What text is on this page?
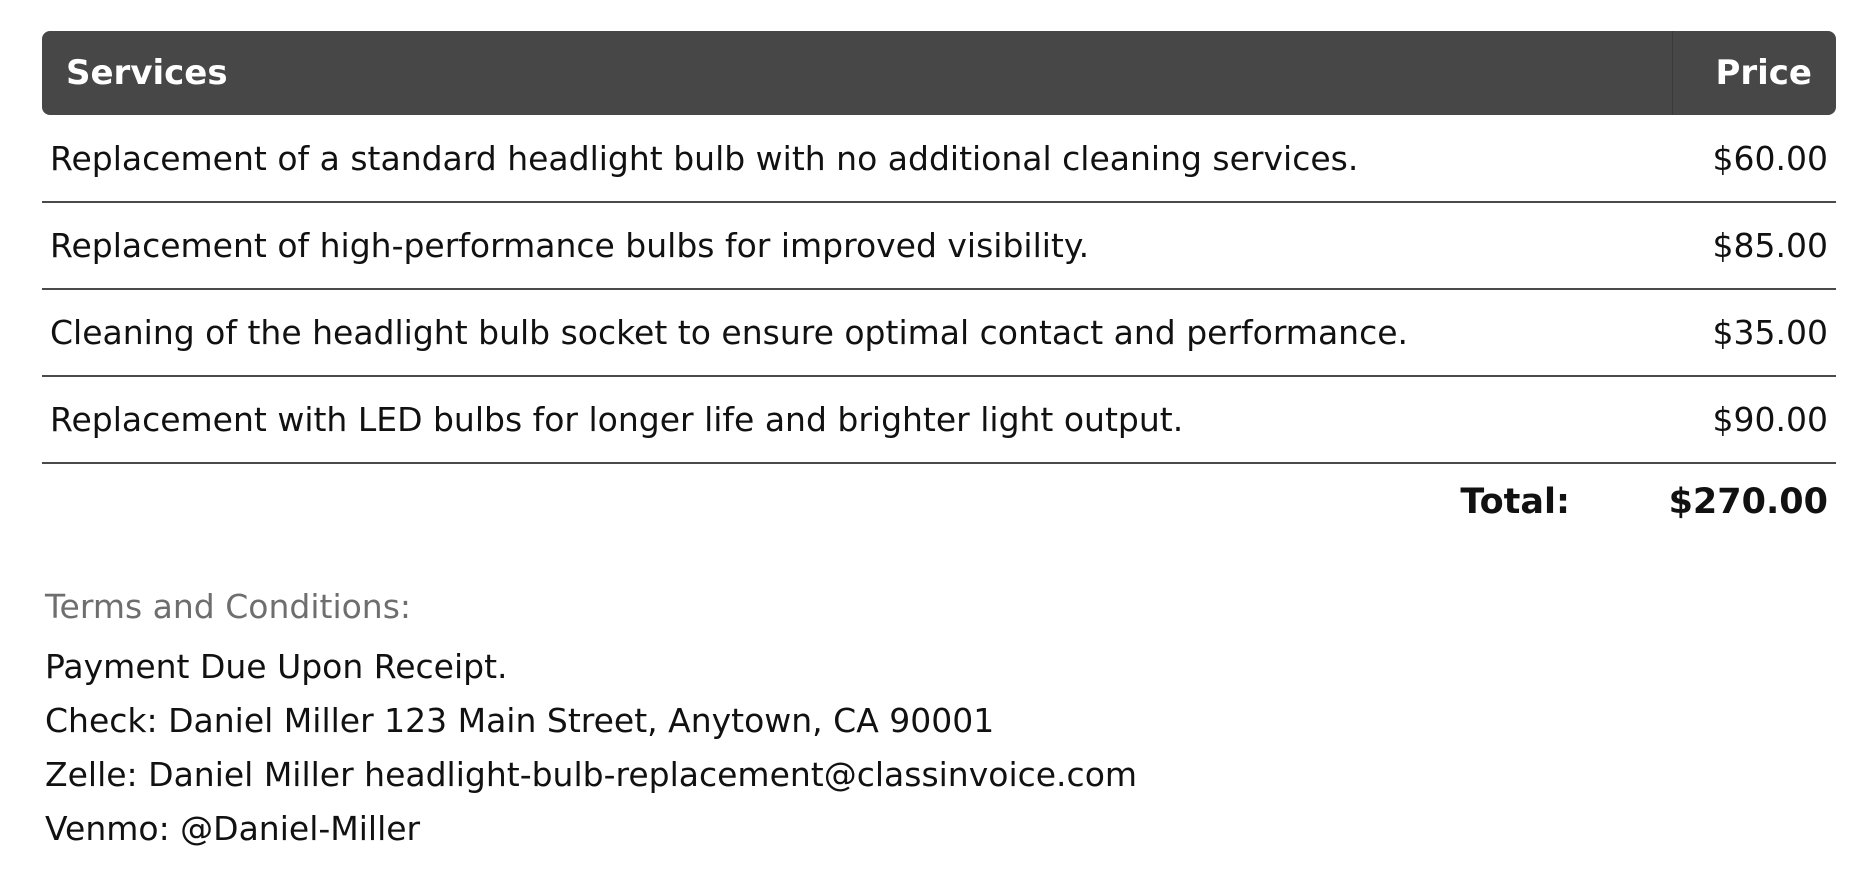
Services	Price
Replacement of a standard headlight bulb with no additional cleaning services.	$60.00
Replacement of high-performance bulbs for improved visibility.	$85.00
Cleaning of the headlight bulb socket to ensure optimal contact and performance.	$35.00
Replacement with LED bulbs for longer life and brighter light output.	$90.00
Total:	$270.00
Terms and Conditions:
Payment Due Upon Receipt.
Check: Daniel Miller 123 Main Street, Anytown, CA 90001
Zelle: Daniel Miller headlight-bulb-replacement@classinvoice.com
Venmo: @Daniel-Miller
